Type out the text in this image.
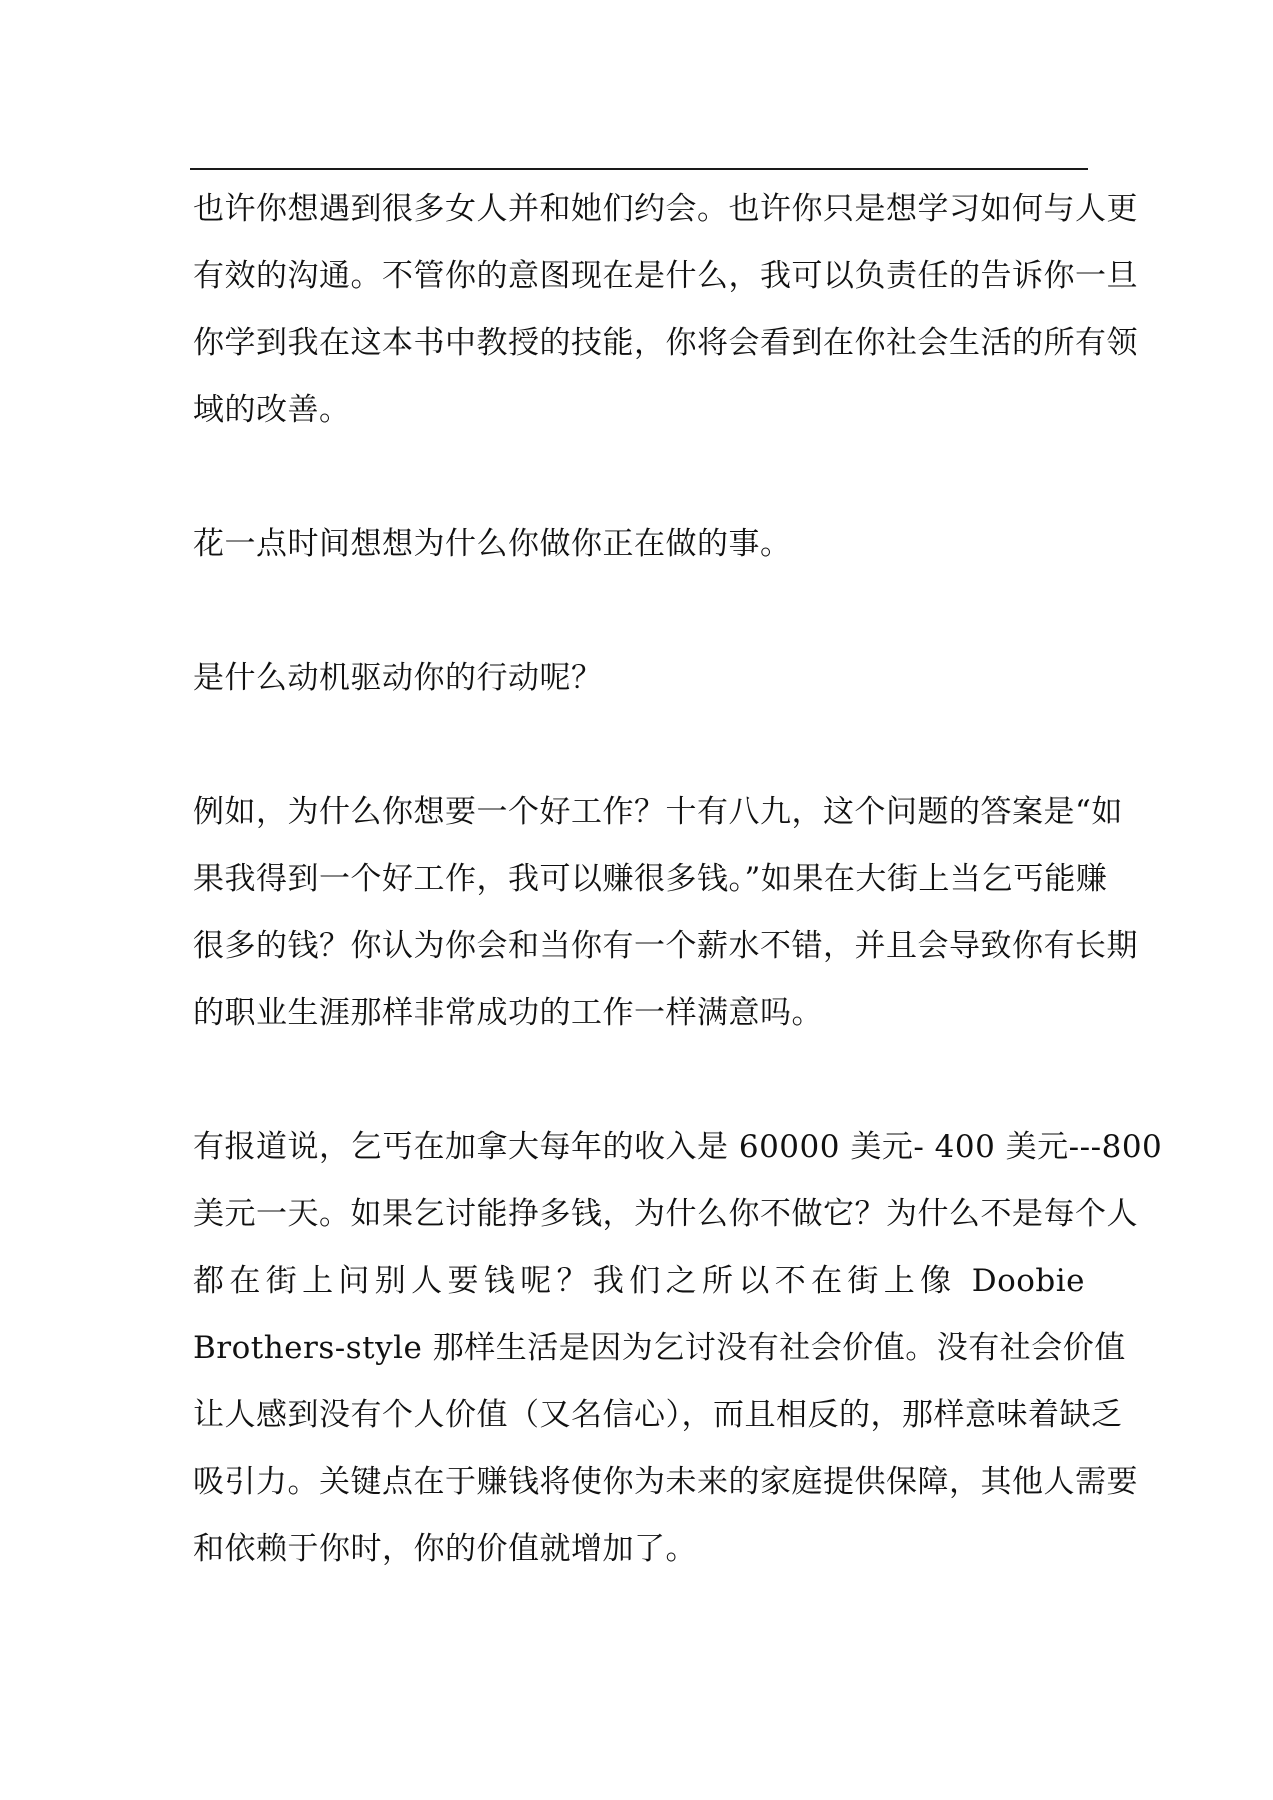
也许你想遇到很多女人并和她们约会。也许你只是想学习如何与人更
有效的沟通。不管你的意图现在是什么，我可以负责任的告诉你一旦
你学到我在这本书中教授的技能，你将会看到在你社会生活的所有领
域的改善。
花一点时间想想为什么你做你正在做的事。
是什么动机驱动你的行动呢？
例如，为什么你想要一个好工作？十有八九，这个问题的答案是“如
果我得到一个好工作，我可以赚很多钱。”如果在大街上当乞丐能赚
很多的钱？你认为你会和当你有一个薪水不错，并且会导致你有长期
的职业生涯那样非常成功的工作一样满意吗。
有报道说，乞丐在加拿大每年的收入是 60000 美元- 400 美元---800
美元一天。如果乞讨能挣多钱，为什么你不做它？为什么不是每个人
都在街上问别人要钱呢？我们之所以不在街上像 Doobie
Brothers-style 那样生活是因为乞讨没有社会价值。没有社会价值
让人感到没有个人价值（又名信心），而且相反的，那样意味着缺乏
吸引力。关键点在于赚钱将使你为未来的家庭提供保障，其他人需要
和依赖于你时，你的价值就增加了。
